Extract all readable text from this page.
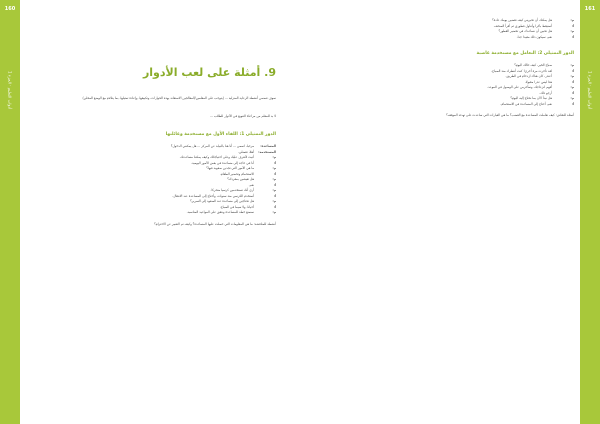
160
أدوات التعليم · الجزء 1
9. أمثلة على لعب الأدوار
سوف تتضمن أنشطة الرعاية المنزلية ... (يتوجب على المعلمين/المعالجين الاستعانة بهذه الحوارات، وتكييفها، وإعادة تمثيلها، بما يتلاءم مع الوضع المحلي)
لا بد للمعلم من مراعاة التنويع في الأدوار للطلاب ...
الدور التمثيلي 1: اللقاء الأول مع مستخدمة وعائلتها
المساعدة:
مرحبا، اسمي ... أنا هنا بالنيابة عن المركز ... هل يمكنني الدخول؟
المستخدمة:
أهلا، تفضلي.
م:
أتيت لأتعرف عليك وعلى احتياجاتك وكيف يمكننا مساعدتك.
أ:
أنا في حاجة إلى مساعدة في بعض الأمور اليومية.
م:
ما هي الأمور التي تجدين صعوبة فيها؟
أ:
الاستحمام وتحضير الطعام.
م:
هل تعيشين بمفردك؟
أ:
نعم.
م:
أرى أنك تستخدمين كرسيا متحركا.
أ:
أستخدم الكرسي منذ سنوات، وأحتاج إلى المساعدة عند الانتقال.
م:
هل تحتاجين إلى مساعدة عند الصعود إلى السرير؟
أ:
أحيانا، ولا سيما في الصباح.
م:
سنضع خطة للمساعدة ونتفق على المواعيد المناسبة.
أنشطة للمناقشة: ما هي المعلومات التي حصلت عليها المساعدة؟ وكيف تم التعبير عن الاحترام؟
161
أدوات التعليم · الجزء 1
م:
هل يمكنك أن تخبريني كيف تقضين يومك عادة؟
أ:
أستيقظ باكرا وأتناول فطوري ثم أقرأ الصحف.
م:
هل تحبين أن نساعدك في تحضير الفطور؟
أ:
نعم، سيكون ذلك مفيدا جدا.
الدور التمثيلي 2: التعامل مع مستخدمة غاضبة
م:
صباح الخير، كيف حالك اليوم؟
أ:
لقد تأخرت مرة أخرى! كنت أنتظرك منذ الصباح.
م:
أعتذر، كان هناك ازدحام في الطريق.
أ:
هذا ليس عذرا مقبولا.
م:
أفهم انزعاجك، وسأحرص على الوصول في الموعد.
أ:
أرجو ذلك.
م:
هل نبدأ الآن بما نحتاج إليه اليوم؟
أ:
نعم، أحتاج إلى المساعدة في الاستحمام.
أسئلة للنقاش: كيف تعاملت المساعدة مع الغضب؟ ما هي العبارات التي ساعدت على تهدئة الموقف؟
